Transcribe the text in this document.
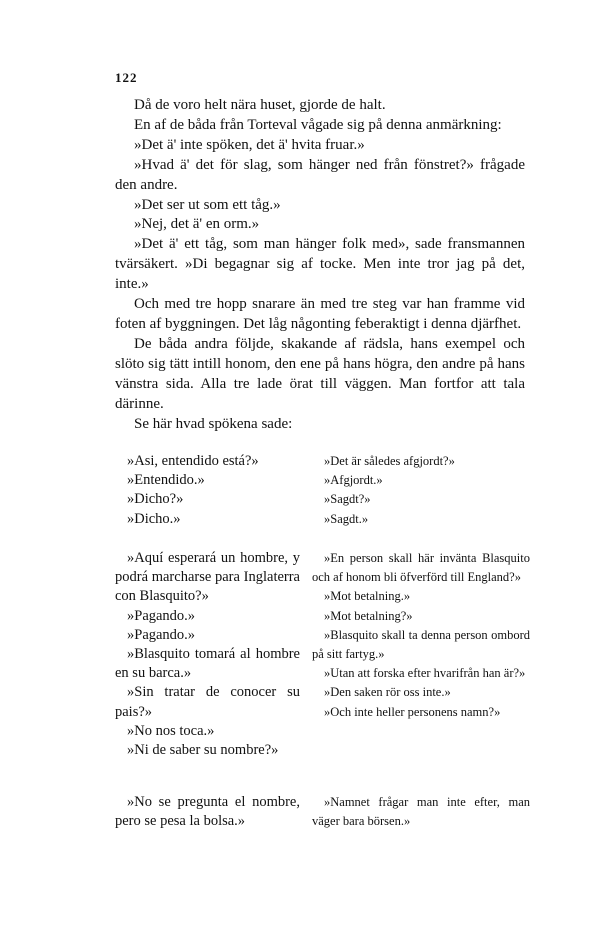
122

Då de voro helt nära huset, gjorde de halt.

En af de båda från Torteval vågade sig på denna anmärkning:

»Det ä' inte spöken, det ä' hvita fruar.»

»Hvad ä' det för slag, som hänger ned från fönstret?» frågade den andre.

»Det ser ut som ett tåg.»

»Nej, det ä' en orm.»

»Det ä' ett tåg, som man hänger folk med», sade fransmannen tvärsäkert. »Di begagnar sig af tocke. Men inte tror jag på det, inte.»

Och med tre hopp snarare än med tre steg var han framme vid foten af byggningen. Det låg någonting feberaktigt i denna djärfhet.

De båda andra följde, skakande af rädsla, hans exempel och slöto sig tätt intill honom, den ene på hans högra, den andre på hans vänstra sida. Alla tre lade örat till väggen. Man fortfor att tala därinne.

Se här hvad spökena sade:

»Asi, entendido está?»

»Entendido.»

»Dicho?»

»Dicho.»

»Det är således afgjordt?»

»Afgjordt.»

»Sagdt?»

»Sagdt.»

»Aquí esperará un hombre, y podrá marcharse para Inglaterra con Blasquito?»

»Pagando.»

»Pagando.»

»Blasquito tomará al hombre en su barca.»

»Sin tratar de conocer su pais?»

»No nos toca.»

»Ni de saber su nombre?»

»En person skall här invänta Blasquito och af honom bli öfverförd till England?»

»Mot betalning.»

»Mot betalning?»

»Blasquito skall ta denna person ombord på sitt fartyg.»

»Utan att forska efter hvarifrån han är?»

»Den saken rör oss inte.»

»Och inte heller personens namn?»

»No se pregunta el nombre, pero se pesa la bolsa.»

»Namnet frågar man inte efter, man väger bara börsen.»
